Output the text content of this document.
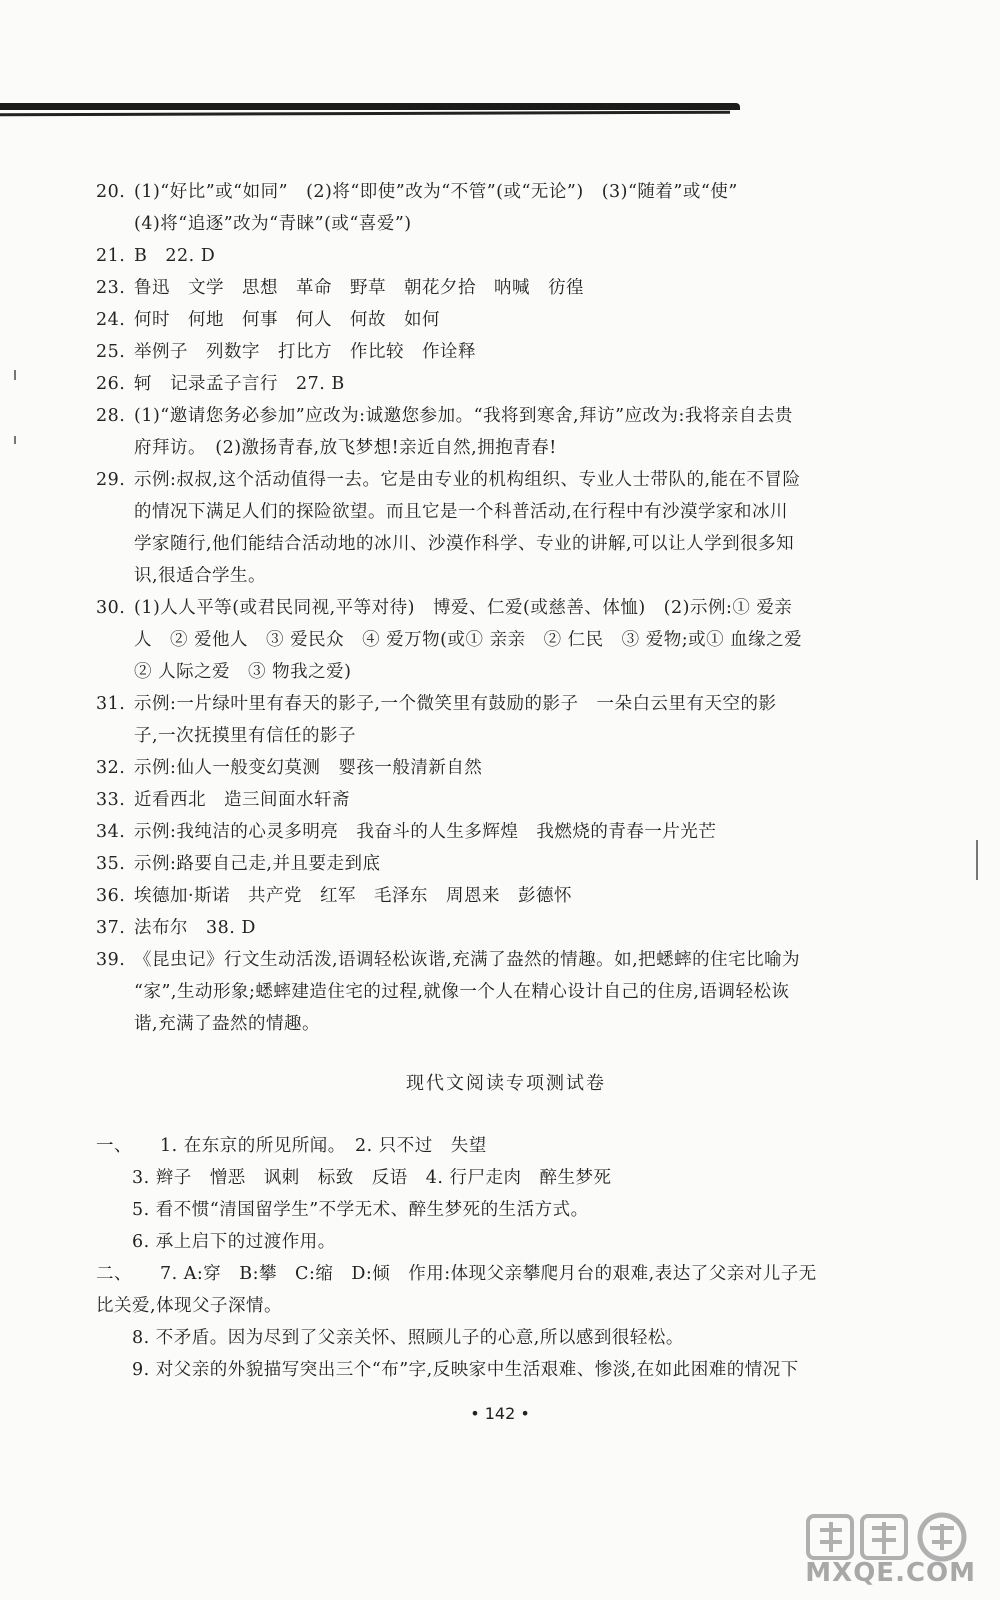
20. (1)“好比”或“如同”　(2)将“即使”改为“不管”(或“无论”)　(3)“随着”或“使”
(4)将“追逐”改为“青睐”(或“喜爱”)
21. B　22. D
23. 鲁迅　文学　思想　革命　野草　朝花夕拾　呐喊　彷徨
24. 何时　何地　何事　何人　何故　如何
25. 举例子　列数字　打比方　作比较　作诠释
26. 轲　记录孟子言行　27. B
28. (1)“邀请您务必参加”应改为:诚邀您参加。“我将到寒舍,拜访”应改为:我将亲自去贵
府拜访。　(2)激扬青春,放飞梦想!亲近自然,拥抱青春!
29. 示例:叔叔,这个活动值得一去。它是由专业的机构组织、专业人士带队的,能在不冒险
的情况下满足人们的探险欲望。而且它是一个科普活动,在行程中有沙漠学家和冰川
学家随行,他们能结合活动地的冰川、沙漠作科学、专业的讲解,可以让人学到很多知
识,很适合学生。
30. (1)人人平等(或君民同视,平等对待)　博爱、仁爱(或慈善、体恤)　(2)示例:① 爱亲
人　② 爱他人　③ 爱民众　④ 爱万物(或① 亲亲　② 仁民　③ 爱物;或① 血缘之爱
② 人际之爱　③ 物我之爱)
31. 示例:一片绿叶里有春天的影子,一个微笑里有鼓励的影子　一朵白云里有天空的影
子,一次抚摸里有信任的影子
32. 示例:仙人一般变幻莫测　婴孩一般清新自然
33. 近看西北　造三间面水轩斋
34. 示例:我纯洁的心灵多明亮　我奋斗的人生多辉煌　我燃烧的青春一片光芒
35. 示例:路要自己走,并且要走到底
36. 埃德加·斯诺　共产党　红军　毛泽东　周恩来　彭德怀
37. 法布尔　38. D
39. 《昆虫记》行文生动活泼,语调轻松诙谐,充满了盎然的情趣。如,把蟋蟀的住宅比喻为
“家”,生动形象;蟋蟀建造住宅的过程,就像一个人在精心设计自己的住房,语调轻松诙
谐,充满了盎然的情趣。
现代文阅读专项测试卷
一、	1. 在东京的所见所闻。　2. 只不过　失望
3. 辫子　憎恶　讽刺　标致　反语　4. 行尸走肉　醉生梦死
5. 看不惯“清国留学生”不学无术、醉生梦死的生活方式。
6. 承上启下的过渡作用。
二、	7. A:穿　B:攀　C:缩　D:倾　作用:体现父亲攀爬月台的艰难,表达了父亲对儿子无
比关爱,体现父子深情。
8. 不矛盾。因为尽到了父亲关怀、照顾儿子的心意,所以感到很轻松。
9. 对父亲的外貌描写突出三个“布”字,反映家中生活艰难、惨淡,在如此困难的情况下
• 142 •
MXQE.COM
